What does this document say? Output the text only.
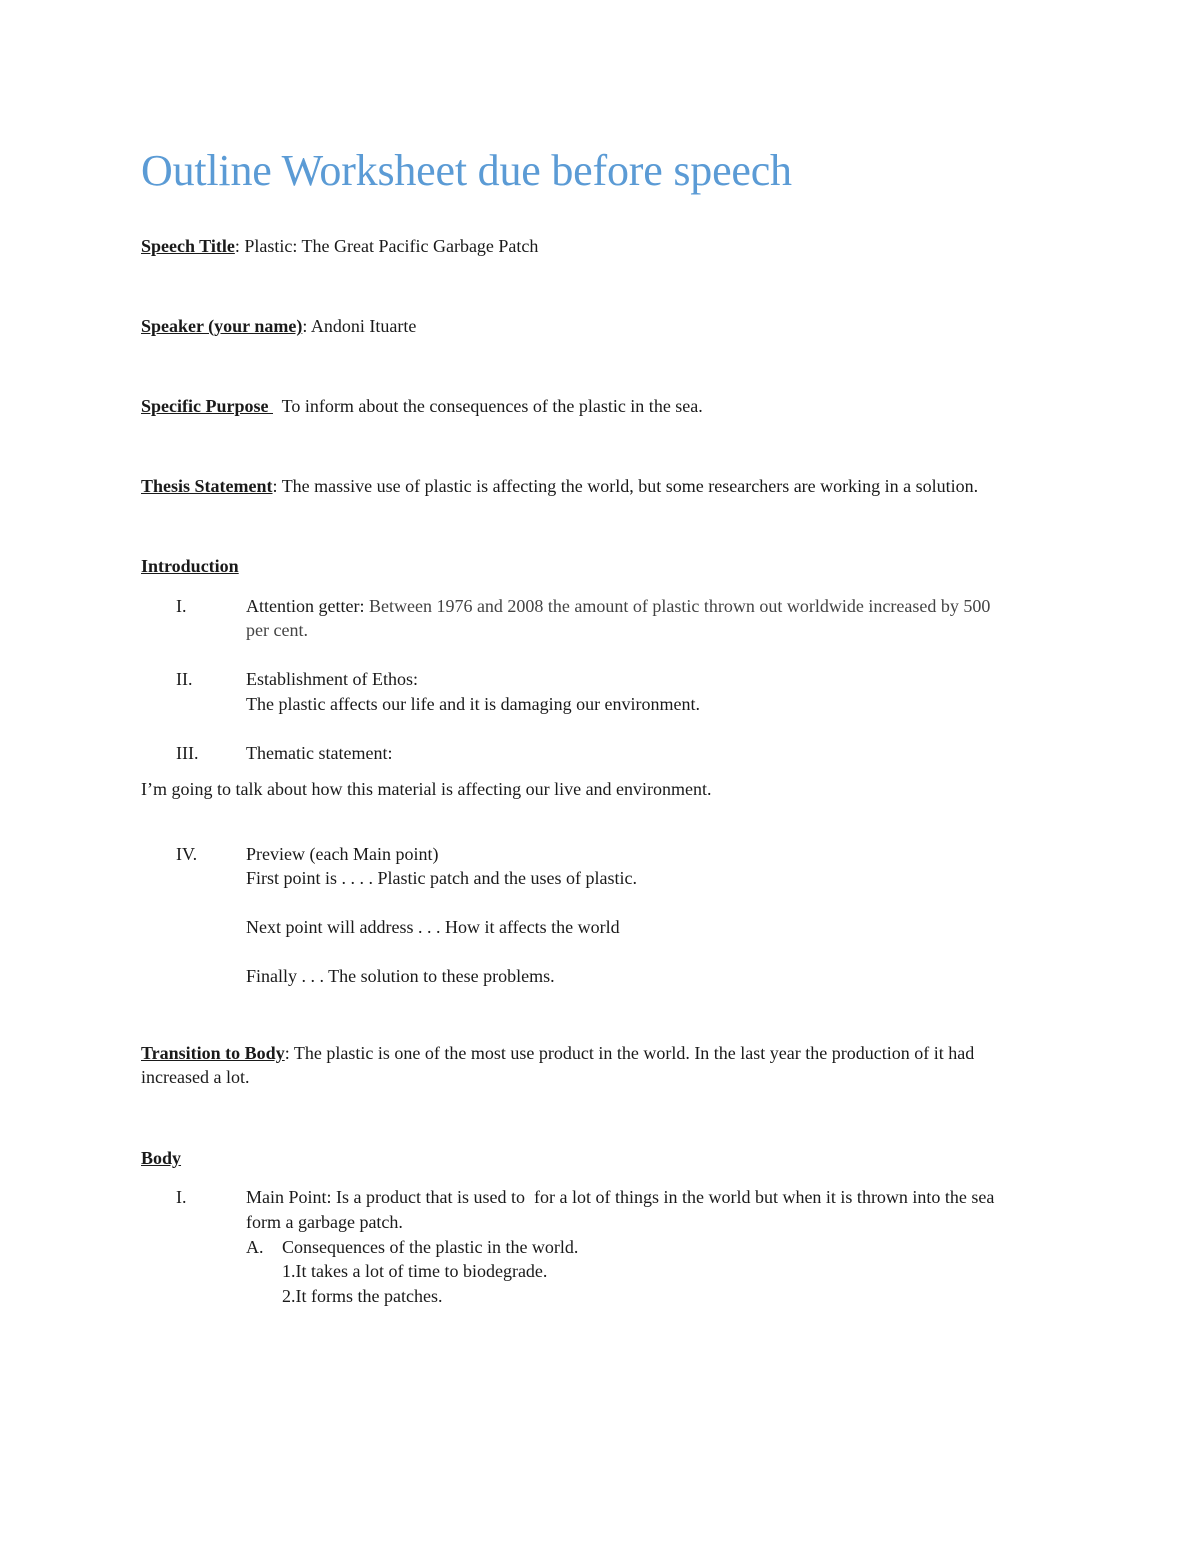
Outline Worksheet due before speech
Speech Title: Plastic: The Great Pacific Garbage Patch
Speaker (your name): Andoni Ituarte
Specific Purpose   To inform about the consequences of the plastic in the sea.
Thesis Statement: The massive use of plastic is affecting the world, but some researchers are working in a solution.
Introduction
I.	Attention getter: Between 1976 and 2008 the amount of plastic thrown out worldwide increased by 500
per cent.
II.	Establishment of Ethos:
The plastic affects our life and it is damaging our environment.
III.	Thematic statement:
I’m going to talk about how this material is affecting our live and environment.
IV.	Preview (each Main point)
First point is . . . . Plastic patch and the uses of plastic.
Next point will address . . . How it affects the world
Finally . . . The solution to these problems.
Transition to Body: The plastic is one of the most use product in the world. In the last year the production of it had
increased a lot.
Body
I.	Main Point: Is a product that is used to  for a lot of things in the world but when it is thrown into the sea
form a garbage patch.
A. Consequences of the plastic in the world.
1.It takes a lot of time to biodegrade.
2.It forms the patches.
